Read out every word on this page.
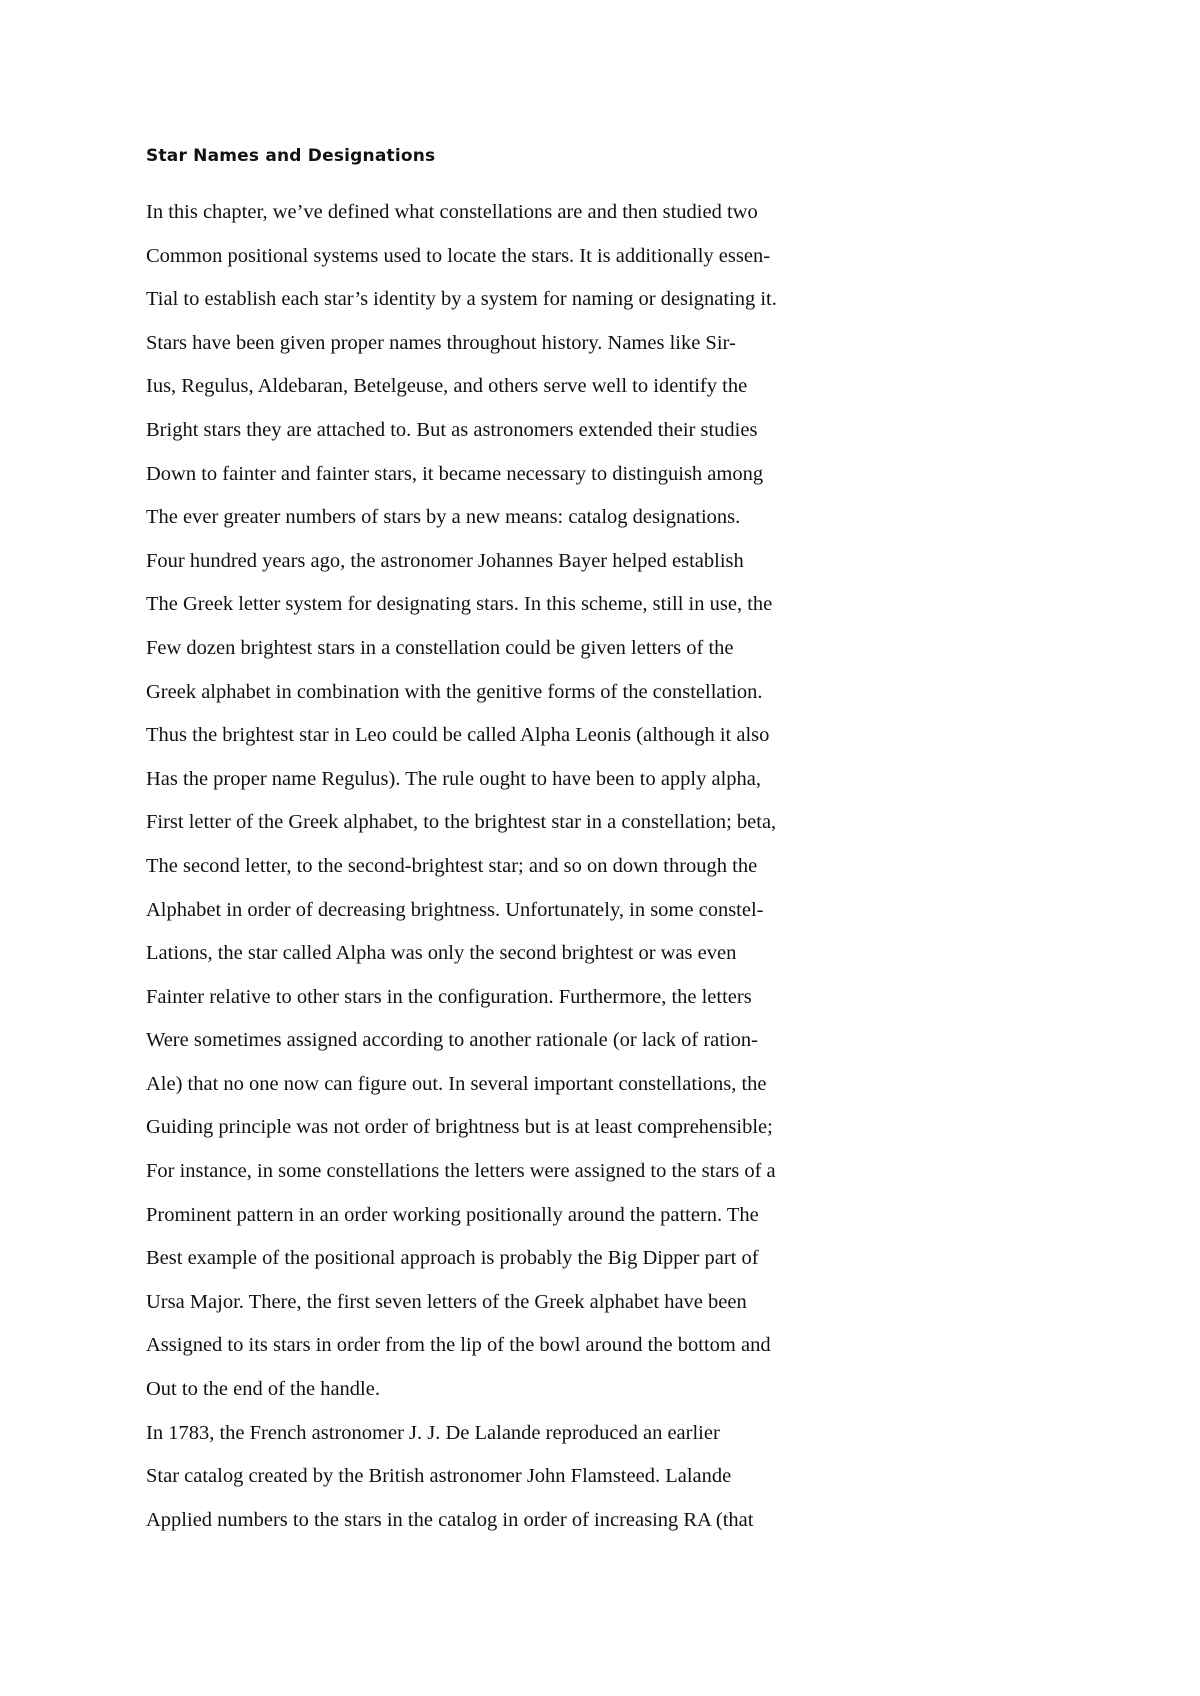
Star Names and Designations
In this chapter, we’ve defined what constellations are and then studied two
Common positional systems used to locate the stars. It is additionally essen-
Tial to establish each star’s identity by a system for naming or designating it.
Stars have been given proper names throughout history. Names like Sir-
Ius, Regulus, Aldebaran, Betelgeuse, and others serve well to identify the
Bright stars they are attached to. But as astronomers extended their studies
Down to fainter and fainter stars, it became necessary to distinguish among
The ever greater numbers of stars by a new means: catalog designations.
Four hundred years ago, the astronomer Johannes Bayer helped establish
The Greek letter system for designating stars. In this scheme, still in use, the
Few dozen brightest stars in a constellation could be given letters of the
Greek alphabet in combination with the genitive forms of the constellation.
Thus the brightest star in Leo could be called Alpha Leonis (although it also
Has the proper name Regulus). The rule ought to have been to apply alpha,
First letter of the Greek alphabet, to the brightest star in a constellation; beta,
The second letter, to the second-brightest star; and so on down through the
Alphabet in order of decreasing brightness. Unfortunately, in some constel-
Lations, the star called Alpha was only the second brightest or was even
Fainter relative to other stars in the configuration. Furthermore, the letters
Were sometimes assigned according to another rationale (or lack of ration-
Ale) that no one now can figure out. In several important constellations, the
Guiding principle was not order of brightness but is at least comprehensible;
For instance, in some constellations the letters were assigned to the stars of a
Prominent pattern in an order working positionally around the pattern. The
Best example of the positional approach is probably the Big Dipper part of
Ursa Major. There, the first seven letters of the Greek alphabet have been
Assigned to its stars in order from the lip of the bowl around the bottom and
Out to the end of the handle.
In 1783, the French astronomer J. J. De Lalande reproduced an earlier
Star catalog created by the British astronomer John Flamsteed. Lalande
Applied numbers to the stars in the catalog in order of increasing RA (that
